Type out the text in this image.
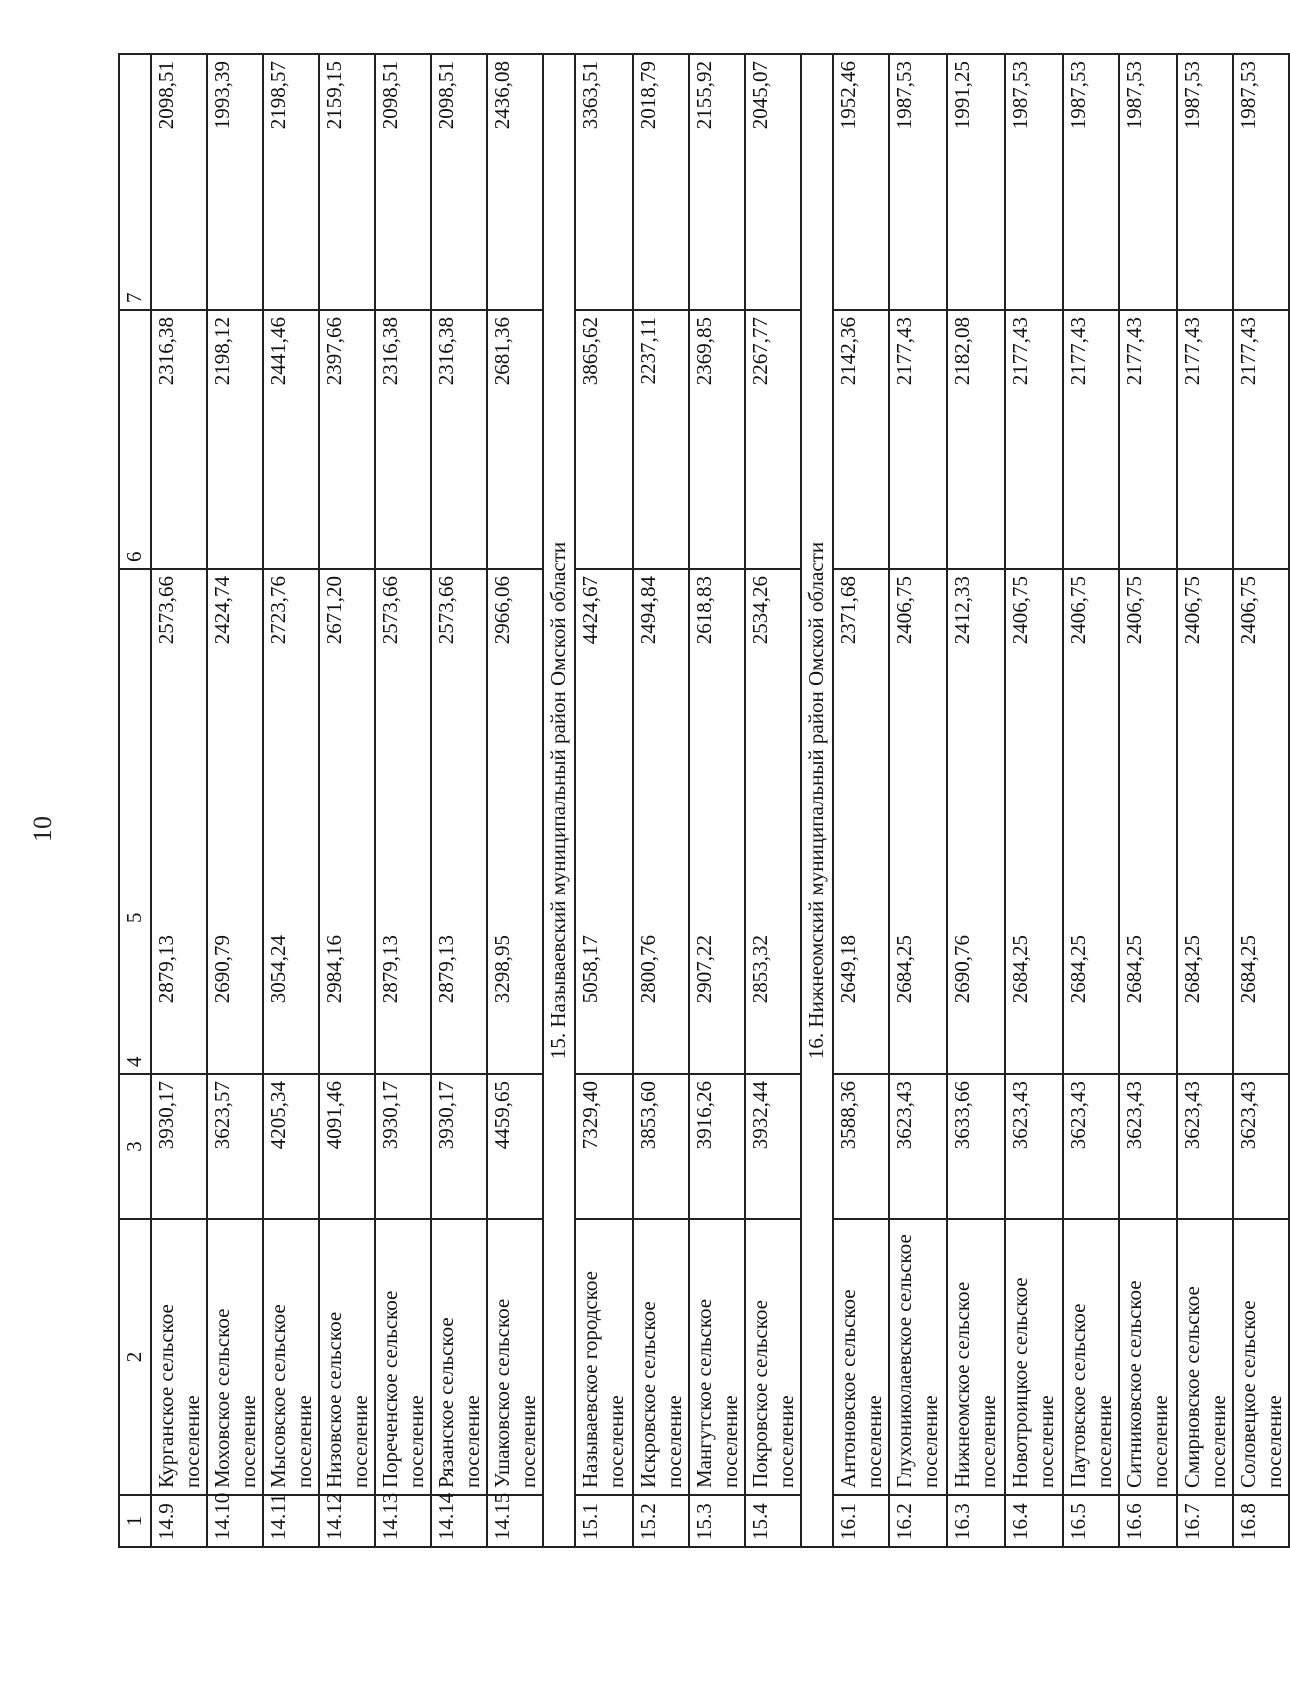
10
1	2	3	4	5	6	7
14.9	Курганское сельское поселение	3930,17	2879,13	2573,66	2316,38	2098,51
14.10	Моховское сельское поселение	3623,57	2690,79	2424,74	2198,12	1993,39
14.11	Мысовское сельское поселение	4205,34	3054,24	2723,76	2441,46	2198,57
14.12	Низовское сельское поселение	4091,46	2984,16	2671,20	2397,66	2159,15
14.13	Пореченское сельское поселение	3930,17	2879,13	2573,66	2316,38	2098,51
14.14	Рязанское сельское поселение	3930,17	2879,13	2573,66	2316,38	2098,51
14.15	Ушаковское сельское поселение	4459,65	3298,95	2966,06	2681,36	2436,08
15. Называевский муниципальный район Омской области						
15.1	Называевское городское поселение	7329,40	5058,17	4424,67	3865,62	3363,51
15.2	Искровское сельское поселение	3853,60	2800,76	2494,84	2237,11	2018,79
15.3	Мангутское сельское поселение	3916,26	2907,22	2618,83	2369,85	2155,92
15.4	Покровское сельское поселение	3932,44	2853,32	2534,26	2267,77	2045,07
16. Нижнеомский муниципальный район Омской области						
16.1	Антоновское сельское поселение	3588,36	2649,18	2371,68	2142,36	1952,46
16.2	Глухониколаевское сельское поселение	3623,43	2684,25	2406,75	2177,43	1987,53
16.3	Нижнеомское сельское поселение	3633,66	2690,76	2412,33	2182,08	1991,25
16.4	Новотроицкое сельское поселение	3623,43	2684,25	2406,75	2177,43	1987,53
16.5	Паутовское сельское поселение	3623,43	2684,25	2406,75	2177,43	1987,53
16.6	Ситниковское сельское поселение	3623,43	2684,25	2406,75	2177,43	1987,53
16.7	Смирновское сельское поселение	3623,43	2684,25	2406,75	2177,43	1987,53
16.8	Соловецкое сельское поселение	3623,43	2684,25	2406,75	2177,43	1987,53
